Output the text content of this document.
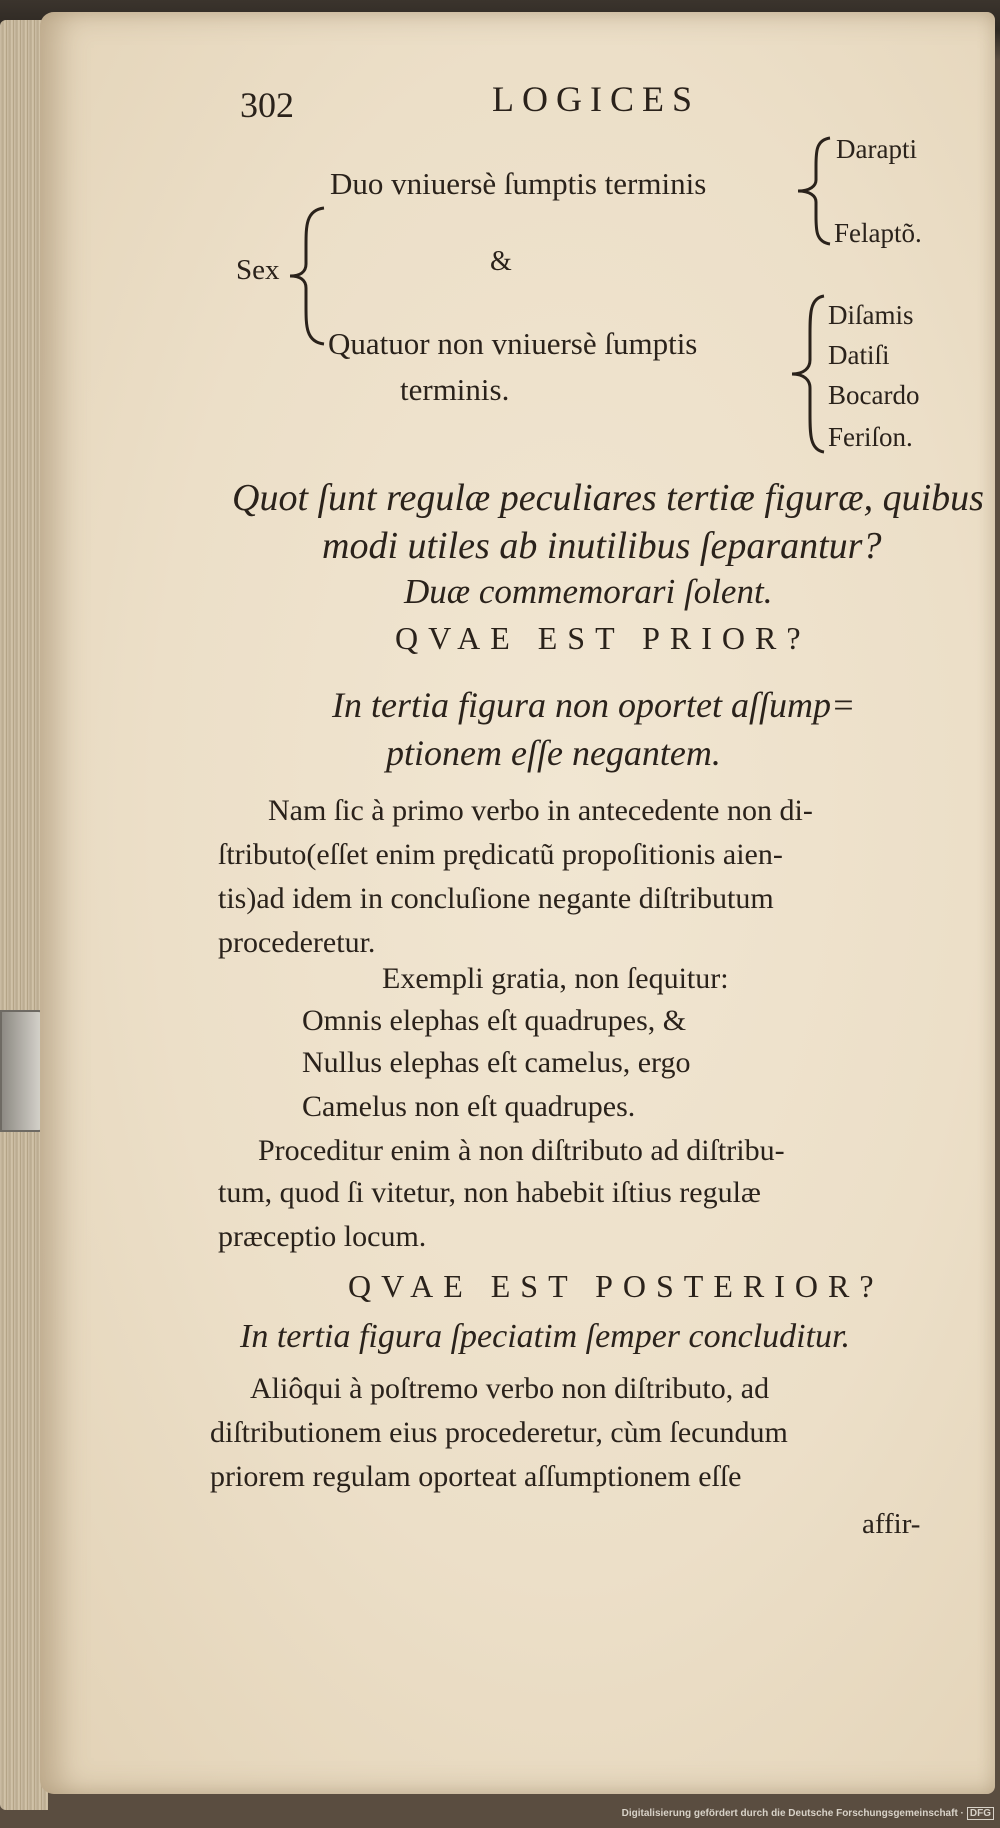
302	LOGICES
Sex
Duo vniuersè ſumptis terminis
&
Quatuor non vniuersè ſumptis
terminis.
Darapti
Felaptõ.
Diſamis
Datiſi
Bocardo
Feriſon.
Quot ſunt regulæ peculiares tertiæ figuræ, quibus
modi utiles ab inutilibus ſeparantur?
Duæ commemorari ſolent.
QVAE EST PRIOR?
In tertia figura non oportet aſſump=
ptionem eſſe negantem.
Nam ſic à primo verbo in antecedente non di-
ſtributo(eſſet enim prędicatũ propoſitionis aien-
tis)ad idem in concluſione negante diſtributum
procederetur.
Exempli gratia, non ſequitur:
Omnis elephas eſt quadrupes, &
Nullus elephas eſt camelus, ergo
Camelus non eſt quadrupes.
Proceditur enim à non diſtributo ad diſtribu-
tum, quod ſi vitetur, non habebit iſtius regulæ
præceptio locum.
QVAE EST POSTERIOR?
In tertia figura ſpeciatim ſemper concluditur.
Aliôqui à poſtremo verbo non diſtributo, ad
diſtributionem eius procederetur, cùm ſecundum
priorem regulam oporteat aſſumptionem eſſe
affir-
Digitalisierung gefördert durch die Deutsche Forschungsgemeinschaft · DFG
